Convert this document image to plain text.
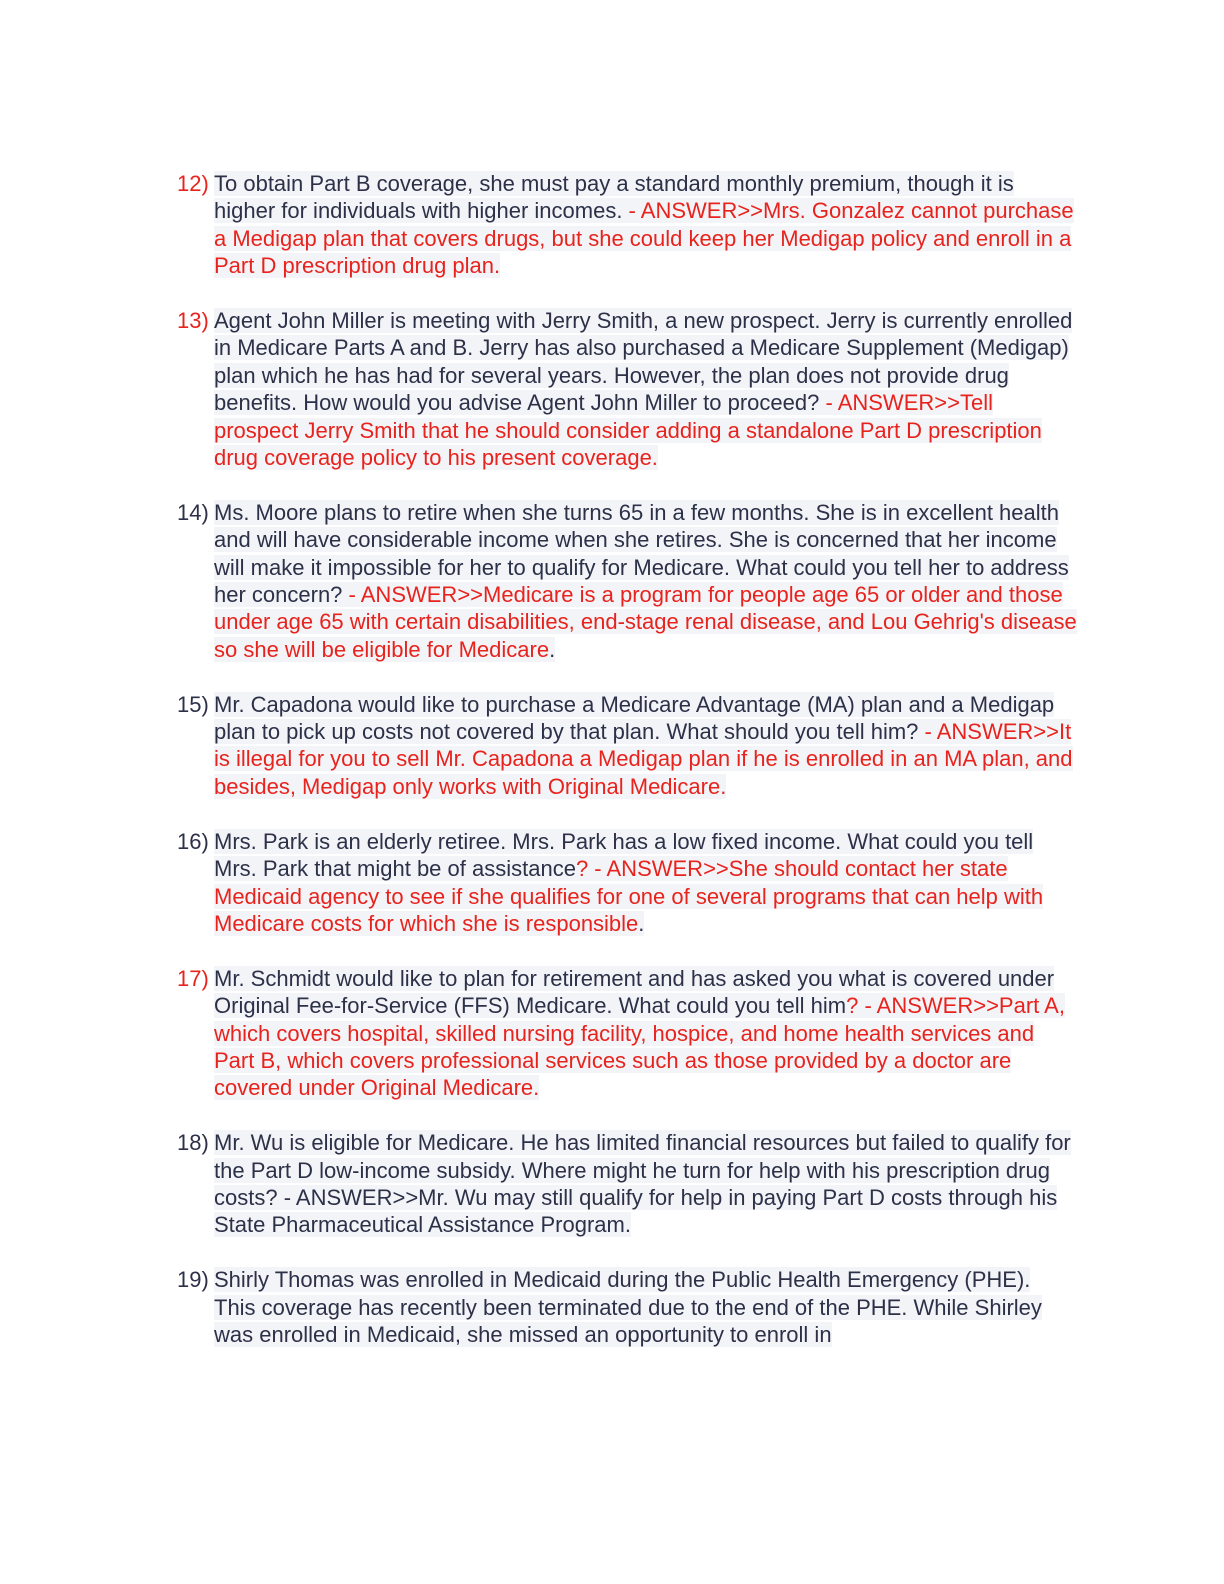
12) To obtain Part B coverage, she must pay a standard monthly premium, though it is higher for individuals with higher incomes. - ANSWER>>Mrs. Gonzalez cannot purchase a Medigap plan that covers drugs, but she could keep her Medigap policy and enroll in a Part D prescription drug plan.
13) Agent John Miller is meeting with Jerry Smith, a new prospect. Jerry is currently enrolled in Medicare Parts A and B. Jerry has also purchased a Medicare Supplement (Medigap) plan which he has had for several years. However, the plan does not provide drug benefits. How would you advise Agent John Miller to proceed? - ANSWER>>Tell prospect Jerry Smith that he should consider adding a standalone Part D prescription drug coverage policy to his present coverage.
14) Ms. Moore plans to retire when she turns 65 in a few months. She is in excellent health and will have considerable income when she retires. She is concerned that her income will make it impossible for her to qualify for Medicare. What could you tell her to address her concern? - ANSWER>>Medicare is a program for people age 65 or older and those under age 65 with certain disabilities, end-stage renal disease, and Lou Gehrig's disease so she will be eligible for Medicare.
15) Mr. Capadona would like to purchase a Medicare Advantage (MA) plan and a Medigap plan to pick up costs not covered by that plan. What should you tell him? - ANSWER>>It is illegal for you to sell Mr. Capadona a Medigap plan if he is enrolled in an MA plan, and besides, Medigap only works with Original Medicare.
16) Mrs. Park is an elderly retiree. Mrs. Park has a low fixed income. What could you tell Mrs. Park that might be of assistance? - ANSWER>>She should contact her state Medicaid agency to see if she qualifies for one of several programs that can help with Medicare costs for which she is responsible.
17) Mr. Schmidt would like to plan for retirement and has asked you what is covered under Original Fee-for-Service (FFS) Medicare. What could you tell him? - ANSWER>>Part A, which covers hospital, skilled nursing facility, hospice, and home health services and Part B, which covers professional services such as those provided by a doctor are covered under Original Medicare.
18) Mr. Wu is eligible for Medicare. He has limited financial resources but failed to qualify for the Part D low-income subsidy. Where might he turn for help with his prescription drug costs? - ANSWER>>Mr. Wu may still qualify for help in paying Part D costs through his State Pharmaceutical Assistance Program.
19) Shirly Thomas was enrolled in Medicaid during the Public Health Emergency (PHE). This coverage has recently been terminated due to the end of the PHE. While Shirley was enrolled in Medicaid, she missed an opportunity to enroll in
